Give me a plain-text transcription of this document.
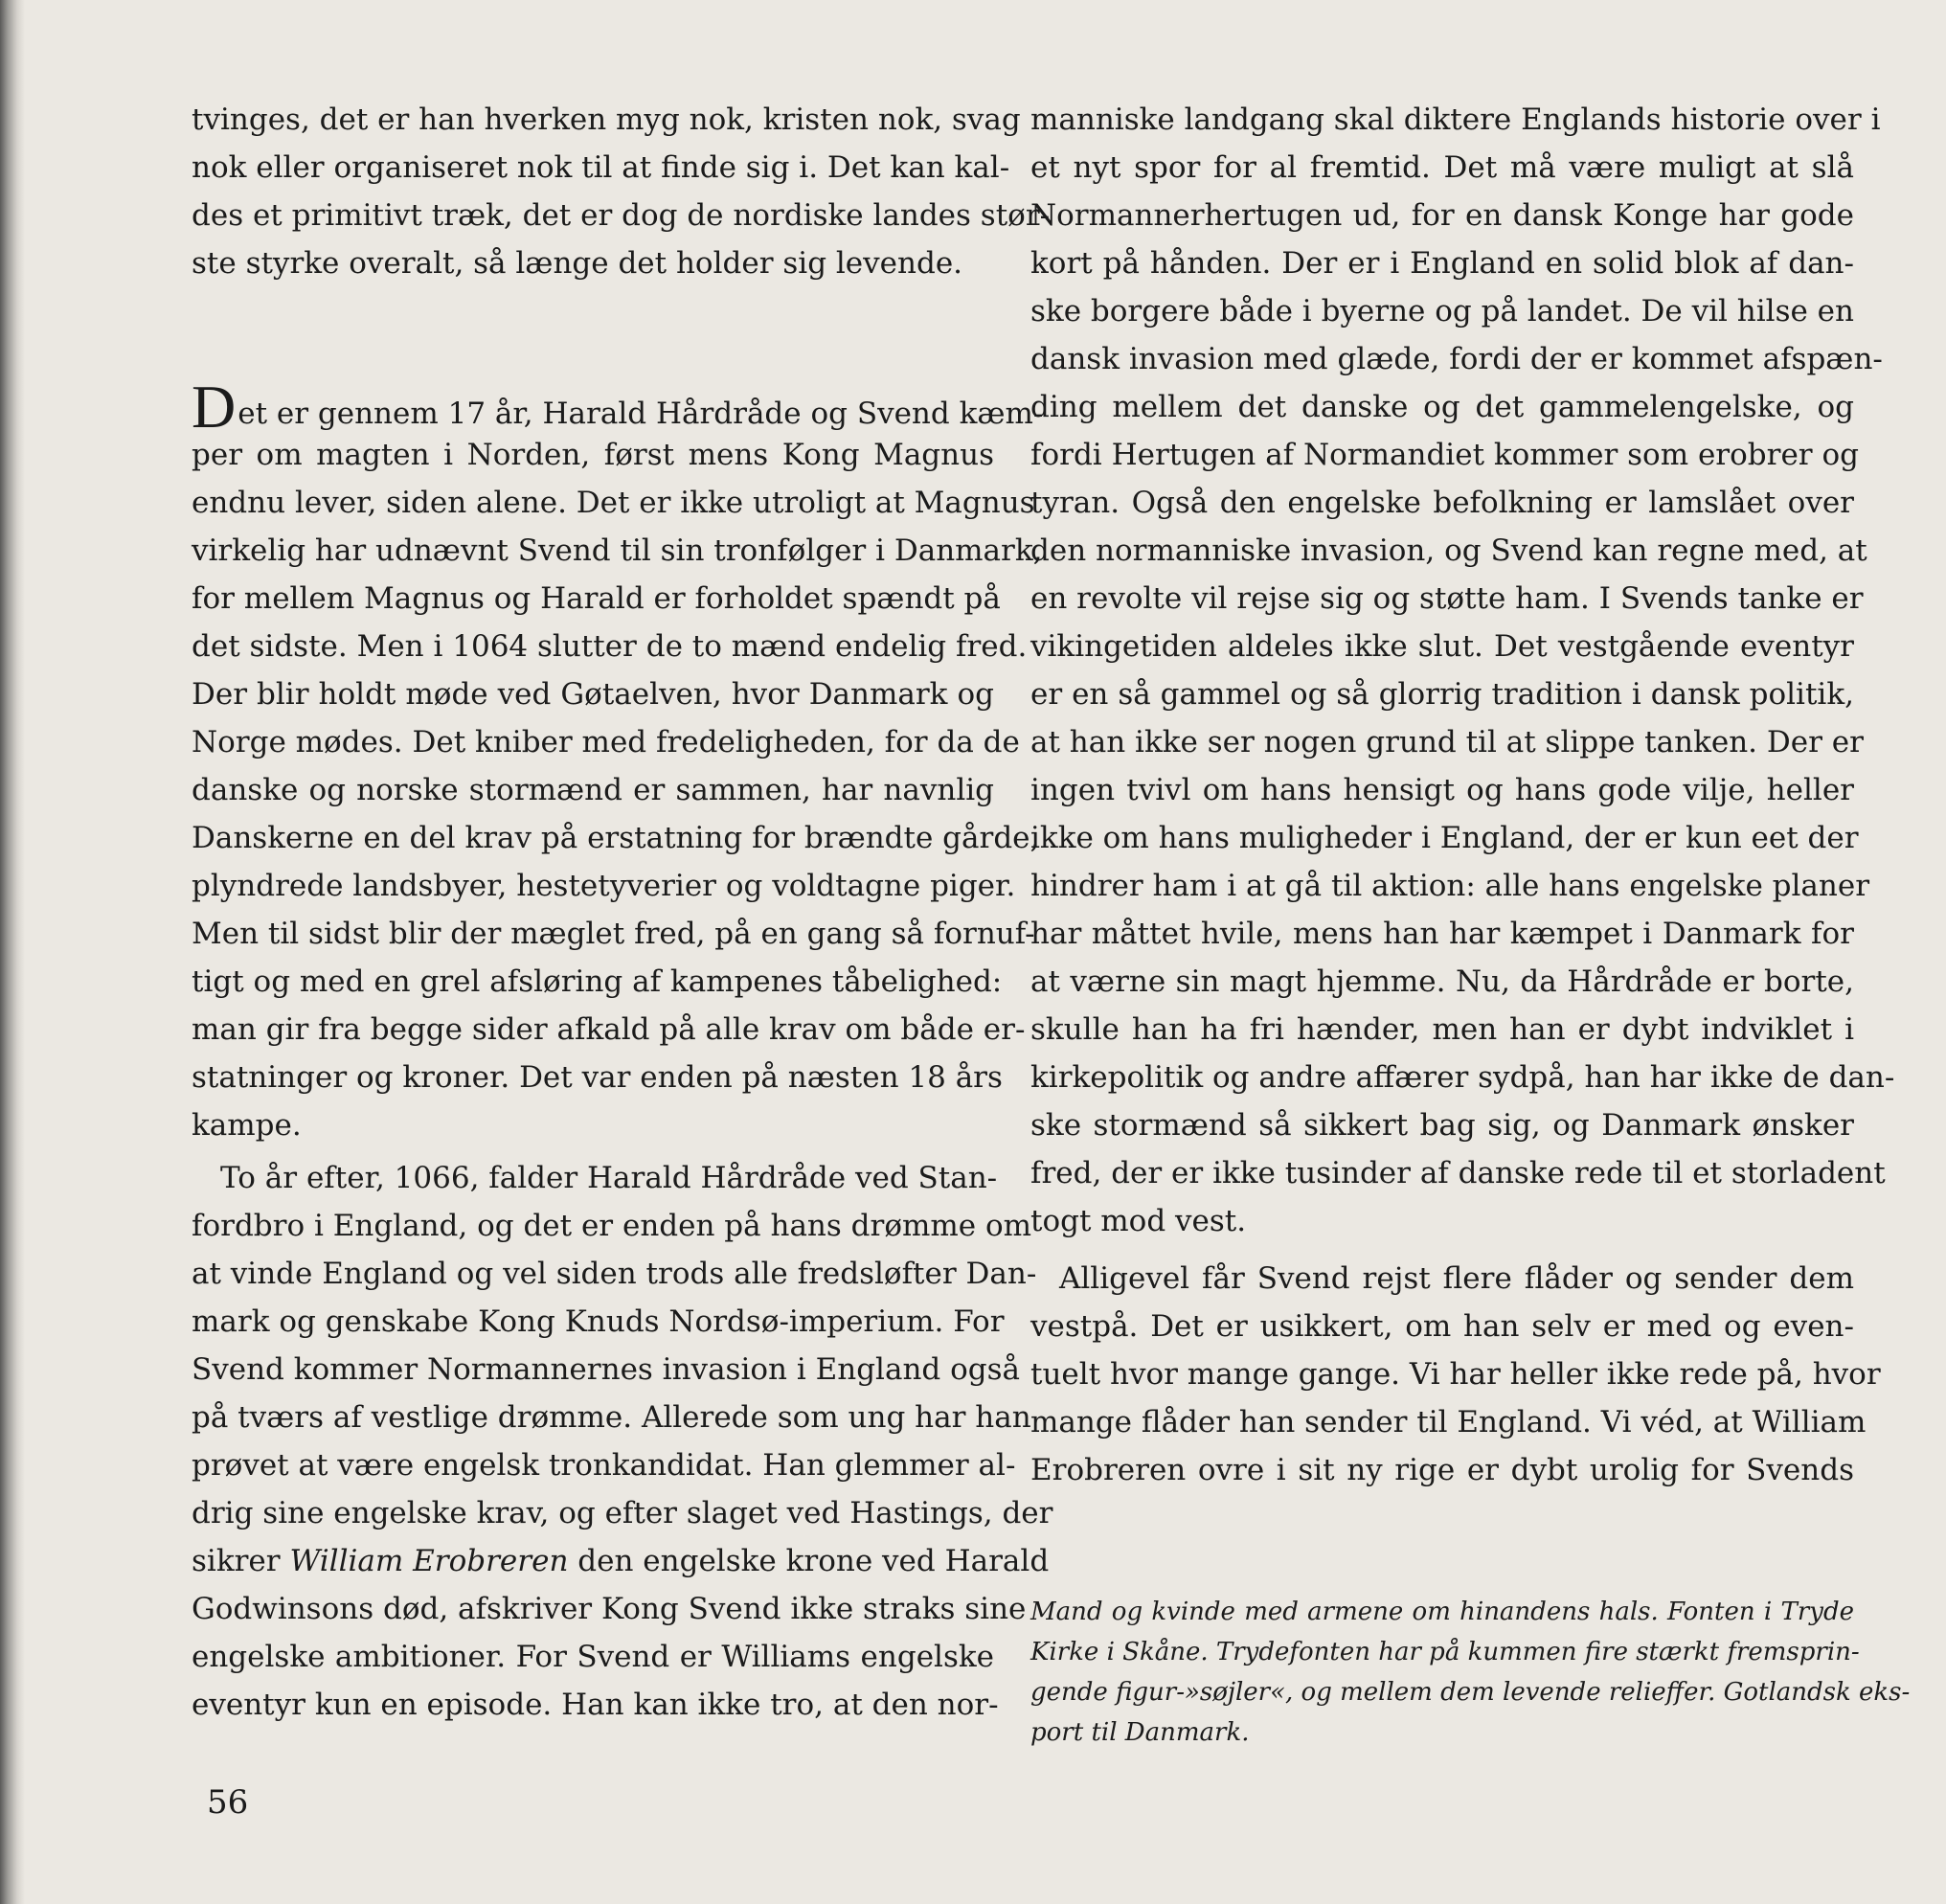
tvinges, det er han hverken myg nok, kristen nok, svag
nok eller organiseret nok til at finde sig i. Det kan kal-
des et primitivt træk, det er dog de nordiske landes stør-
ste styrke overalt, så længe det holder sig levende.
Det er gennem 17 år, Harald Hårdråde og Svend kæm-
per om magten i Norden, først mens Kong Magnus
endnu lever, siden alene. Det er ikke utroligt at Magnus
virkelig har udnævnt Svend til sin tronfølger i Danmark,
for mellem Magnus og Harald er forholdet spændt på
det sidste. Men i 1064 slutter de to mænd endelig fred.
Der blir holdt møde ved Gøtaelven, hvor Danmark og
Norge mødes. Det kniber med fredeligheden, for da de
danske og norske stormænd er sammen, har navnlig
Danskerne en del krav på erstatning for brændte gårde,
plyndrede landsbyer, hestetyverier og voldtagne piger.
Men til sidst blir der mæglet fred, på en gang så fornuf-
tigt og med en grel afsløring af kampenes tåbelighed:
man gir fra begge sider afkald på alle krav om både er-
statninger og kroner. Det var enden på næsten 18 års
kampe.
To år efter, 1066, falder Harald Hårdråde ved Stan-
fordbro i England, og det er enden på hans drømme om
at vinde England og vel siden trods alle fredsløfter Dan-
mark og genskabe Kong Knuds Nordsø-imperium. For
Svend kommer Normannernes invasion i England også
på tværs af vestlige drømme. Allerede som ung har han
prøvet at være engelsk tronkandidat. Han glemmer al-
drig sine engelske krav, og efter slaget ved Hastings, der
sikrer William Erobreren den engelske krone ved Harald
Godwinsons død, afskriver Kong Svend ikke straks sine
engelske ambitioner. For Svend er Williams engelske
eventyr kun en episode. Han kan ikke tro, at den nor-
manniske landgang skal diktere Englands historie over i
et nyt spor for al fremtid. Det må være muligt at slå
Normannerhertugen ud, for en dansk Konge har gode
kort på hånden. Der er i England en solid blok af dan-
ske borgere både i byerne og på landet. De vil hilse en
dansk invasion med glæde, fordi der er kommet afspæn-
ding mellem det danske og det gammelengelske, og
fordi Hertugen af Normandiet kommer som erobrer og
tyran. Også den engelske befolkning er lamslået over
den normanniske invasion, og Svend kan regne med, at
en revolte vil rejse sig og støtte ham. I Svends tanke er
vikingetiden aldeles ikke slut. Det vestgående eventyr
er en så gammel og så glorrig tradition i dansk politik,
at han ikke ser nogen grund til at slippe tanken. Der er
ingen tvivl om hans hensigt og hans gode vilje, heller
ikke om hans muligheder i England, der er kun eet der
hindrer ham i at gå til aktion: alle hans engelske planer
har måttet hvile, mens han har kæmpet i Danmark for
at værne sin magt hjemme. Nu, da Hårdråde er borte,
skulle han ha fri hænder, men han er dybt indviklet i
kirkepolitik og andre affærer sydpå, han har ikke de dan-
ske stormænd så sikkert bag sig, og Danmark ønsker
fred, der er ikke tusinder af danske rede til et storladent
togt mod vest.
Alligevel får Svend rejst flere flåder og sender dem
vestpå. Det er usikkert, om han selv er med og even-
tuelt hvor mange gange. Vi har heller ikke rede på, hvor
mange flåder han sender til England. Vi véd, at William
Erobreren ovre i sit ny rige er dybt urolig for Svends
Mand og kvinde med armene om hinandens hals. Fonten i Tryde
Kirke i Skåne. Trydefonten har på kummen fire stærkt fremsprin-
gende figur-»søjler«, og mellem dem levende relieffer. Gotlandsk eks-
port til Danmark.
56
